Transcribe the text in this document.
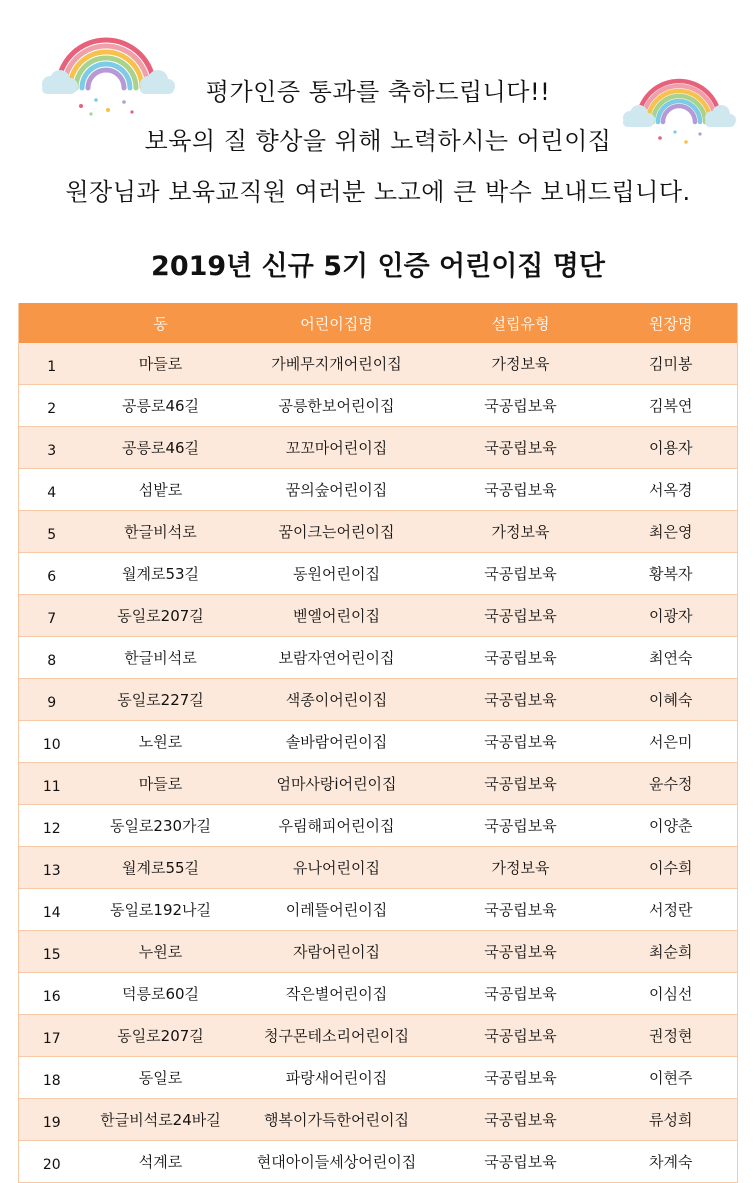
평가인증 통과를 축하드립니다!!
보육의 질 향상을 위해 노력하시는 어린이집
원장님과 보육교직원 여러분 노고에 큰 박수 보내드립니다.
2019년 신규 5기 인증 어린이집 명단
	동	어린이집명	설립유형	원장명
1	마들로	가베무지개어린이집	가정보육	김미봉
2	공릉로46길	공릉한보어린이집	국공립보육	김복연
3	공릉로46길	꼬꼬마어린이집	국공립보육	이용자
4	섬밭로	꿈의숲어린이집	국공립보육	서옥경
5	한글비석로	꿈이크는어린이집	가정보육	최은영
6	월계로53길	동원어린이집	국공립보육	황복자
7	동일로207길	벧엘어린이집	국공립보육	이광자
8	한글비석로	보람자연어린이집	국공립보육	최연숙
9	동일로227길	색종이어린이집	국공립보육	이혜숙
10	노원로	솔바람어린이집	국공립보육	서은미
11	마들로	엄마사랑i어린이집	국공립보육	윤수정
12	동일로230가길	우림해피어린이집	국공립보육	이양춘
13	월계로55길	유나어린이집	가정보육	이수희
14	동일로192나길	이레뜰어린이집	국공립보육	서정란
15	누원로	자람어린이집	국공립보육	최순희
16	덕릉로60길	작은별어린이집	국공립보육	이심선
17	동일로207길	청구몬테소리어린이집	국공립보육	권정현
18	동일로	파랑새어린이집	국공립보육	이현주
19	한글비석로24바길	행복이가득한어린이집	국공립보육	류성희
20	석계로	현대아이들세상어린이집	국공립보육	차계숙
